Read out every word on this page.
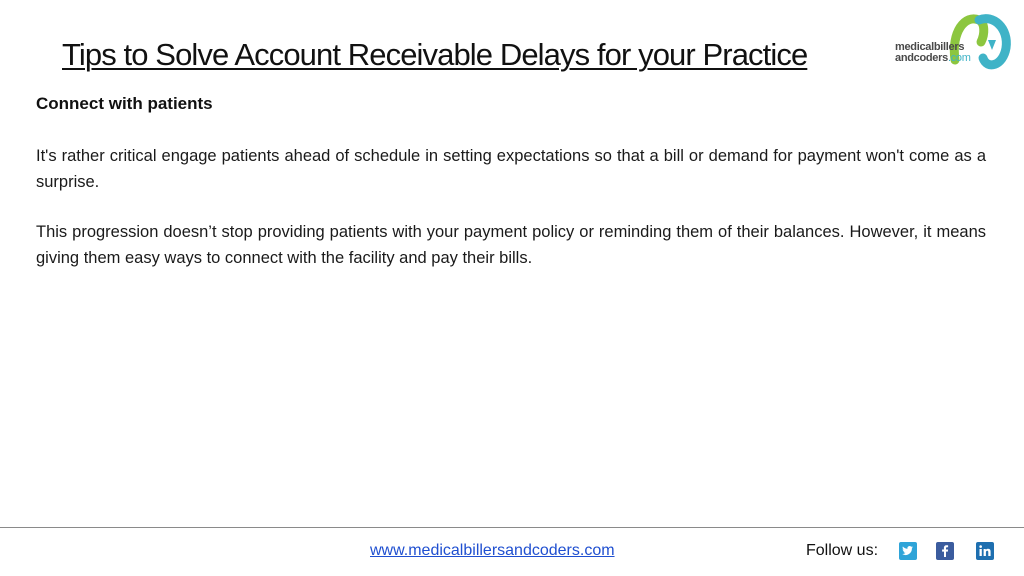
Tips to Solve Account Receivable Delays for your Practice	medicalbillers
andcoders.com

Connect with patients

It's rather critical engage patients ahead of schedule in setting expectations so that a bill or demand for payment won't come as a surprise.

This progression doesn’t stop providing patients with your payment policy or reminding them of their balances. However, it means giving them easy ways to connect with the facility and pay their bills.

www.medicalbillersandcoders.com	Follow us:
